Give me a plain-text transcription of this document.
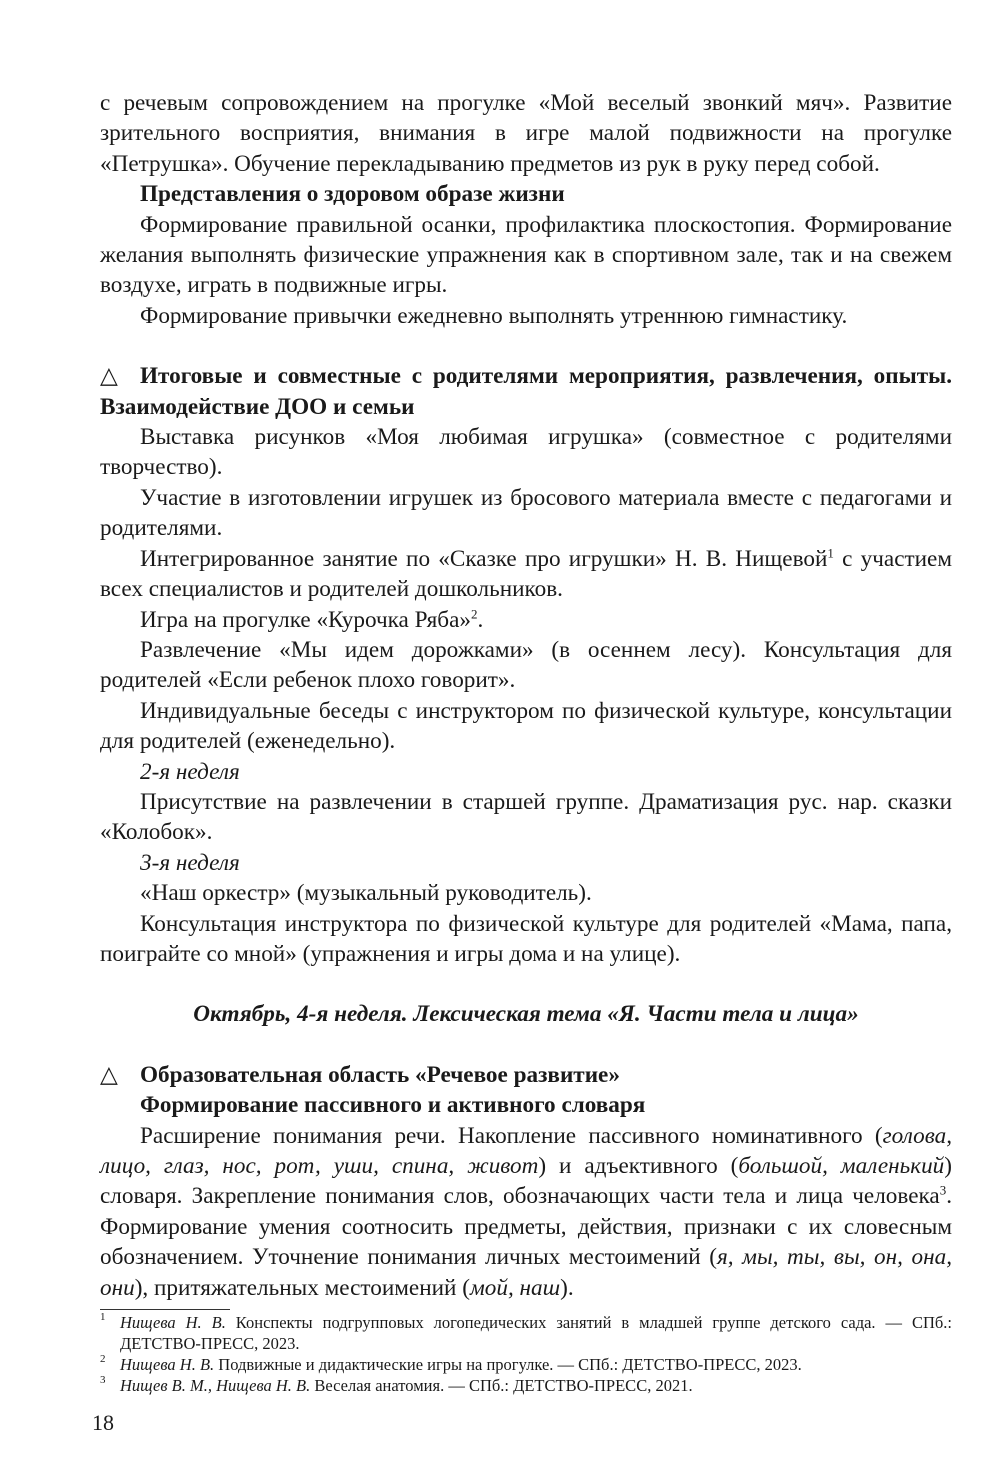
с речевым сопровождением на прогулке «Мой веселый звонкий мяч». Развитие зрительного восприятия, внимания в игре малой подвижности на прогулке «Петрушка». Обучение перекладыванию предметов из рук в руку перед собой.

Представления о здоровом образе жизни

Формирование правильной осанки, профилактика плоскостопия. Формирование желания выполнять физические упражнения как в спортивном зале, так и на свежем воздухе, играть в подвижные игры.

Формирование привычки ежедневно выполнять утреннюю гимнастику.

△ Итоговые и совместные с родителями мероприятия, развлечения, опыты. Взаимодействие ДОО и семьи

Выставка рисунков «Моя любимая игрушка» (совместное с родителями творчество).

Участие в изготовлении игрушек из бросового материала вместе с педагогами и родителями.

Интегрированное занятие по «Сказке про игрушки» Н. В. Нищевой$^1$ с участием всех специалистов и родителей дошкольников.

Игра на прогулке «Курочка Ряба»$^2$.

Развлечение «Мы идем дорожками» (в осеннем лесу). Консультация для родителей «Если ребенок плохо говорит».

Индивидуальные беседы с инструктором по физической культуре, консультации для родителей (еженедельно).

2-я неделя

Присутствие на развлечении в старшей группе. Драматизация рус. нар. сказки «Колобок».

3-я неделя

«Наш оркестр» (музыкальный руководитель).

Консультация инструктора по физической культуре для родителей «Мама, папа, поиграйте со мной» (упражнения и игры дома и на улице).

Октябрь, 4-я неделя. Лексическая тема «Я. Части тела и лица»

△ Образовательная область «Речевое развитие»

Формирование пассивного и активного словаря

Расширение понимания речи. Накопление пассивного номинативного (голова, лицо, глаз, нос, рот, уши, спина, живот) и адъективного (большой, маленький) словаря. Закрепление понимания слов, обозначающих части тела и лица человека$^3$. Формирование умения соотносить предметы, действия, признаки с их словесным обозначением. Уточнение понимания личных местоимений (я, мы, ты, вы, он, она, они), притяжательных местоимений (мой, наш).

1 Нищева Н. В. Конспекты подгрупповых логопедических занятий в младшей группе детского сада. — СПб.: ДЕТСТВО-ПРЕСС, 2023.

2 Нищева Н. В. Подвижные и дидактические игры на прогулке. — СПб.: ДЕТСТВО-ПРЕСС, 2023.

3 Нищев В. М., Нищева Н. В. Веселая анатомия. — СПб.: ДЕТСТВО-ПРЕСС, 2021.

18
